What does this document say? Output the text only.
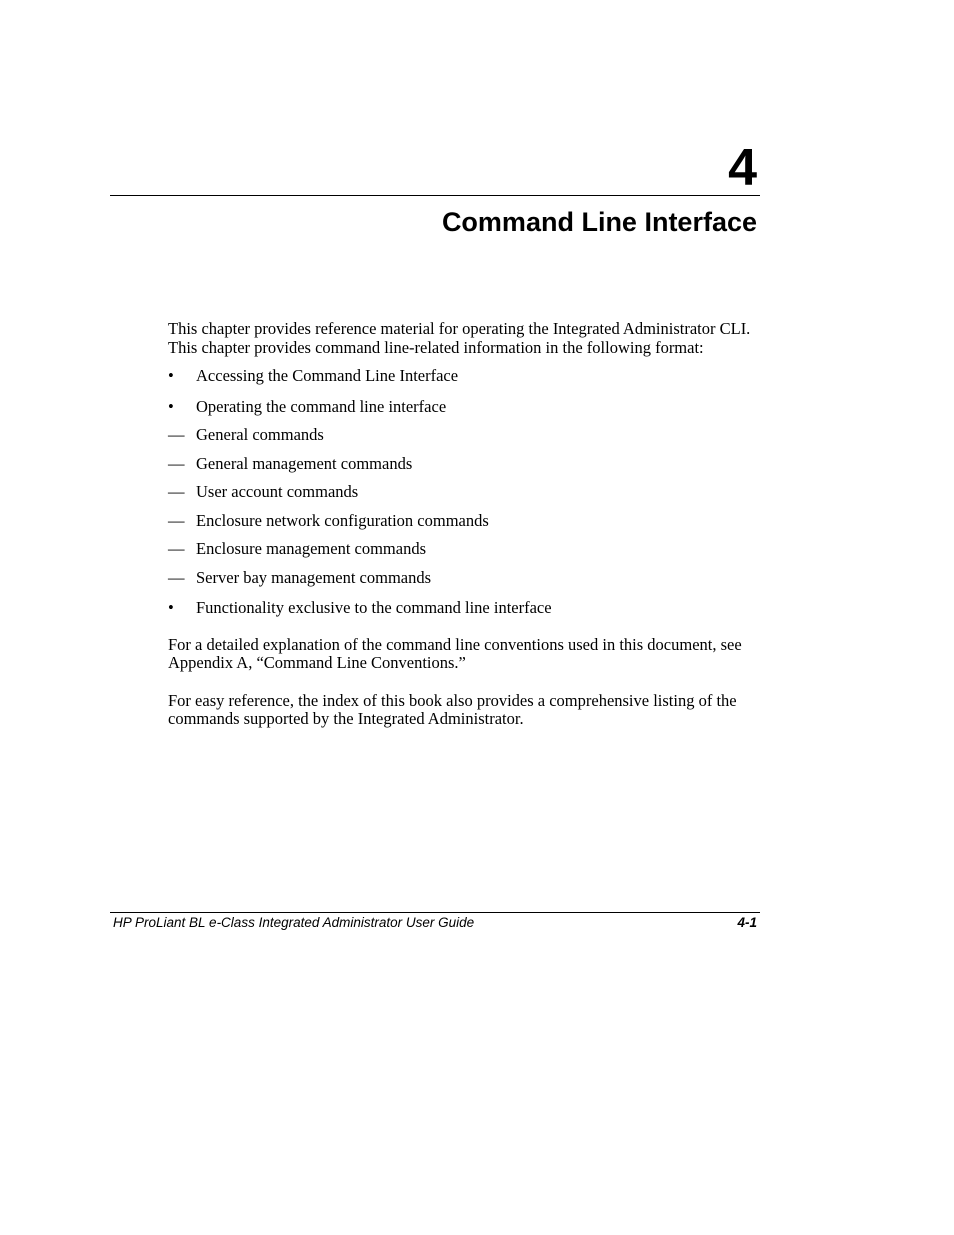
4
Command Line Interface

This chapter provides reference material for operating the Integrated Administrator CLI. This chapter provides command line-related information in the following format:

• Accessing the Command Line Interface
• Operating the command line interface
— General commands
— General management commands
— User account commands
— Enclosure network configuration commands
— Enclosure management commands
— Server bay management commands
• Functionality exclusive to the command line interface

For a detailed explanation of the command line conventions used in this document, see Appendix A, “Command Line Conventions.”

For easy reference, the index of this book also provides a comprehensive listing of the commands supported by the Integrated Administrator.

HP ProLiant BL e-Class Integrated Administrator User Guide	4-1
